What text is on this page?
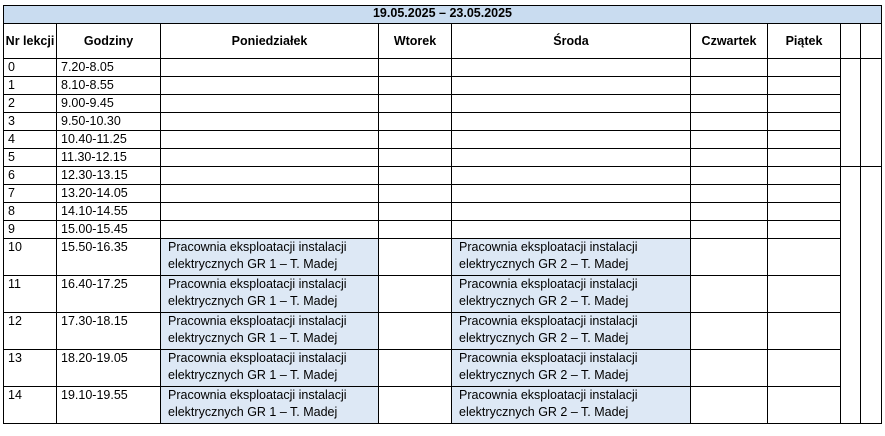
19.05.2025 – 23.05.2025								
Nr lekcji	Godziny	Poniedziałek	Wtorek	Środa	Czwartek	Piątek		
0	7.20-8.05							
1	8.10-8.55							
2	9.00-9.45							
3	9.50-10.30							
4	10.40-11.25							
5	11.30-12.15							
6	12.30-13.15							
7	13.20-14.05							
8	14.10-14.55							
9	15.00-15.45							
10	15.50-16.35	Pracownia eksploatacji instalacji
elektrycznych GR 1 – T. Madej		Pracownia eksploatacji instalacji
elektrycznych GR 2 – T. Madej				

11	16.40-17.25	Pracownia eksploatacji instalacji
elektrycznych GR 1 – T. Madej		Pracownia eksploatacji instalacji
elektrycznych GR 2 – T. Madej				

12	17.30-18.15	Pracownia eksploatacji instalacji
elektrycznych GR 1 – T. Madej		Pracownia eksploatacji instalacji
elektrycznych GR 2 – T. Madej				

13	18.20-19.05	Pracownia eksploatacji instalacji
elektrycznych GR 1 – T. Madej		Pracownia eksploatacji instalacji
elektrycznych GR 2 – T. Madej				

14	19.10-19.55	Pracownia eksploatacji instalacji
elektrycznych GR 1 – T. Madej		Pracownia eksploatacji instalacji
elektrycznych GR 2 – T. Madej				
